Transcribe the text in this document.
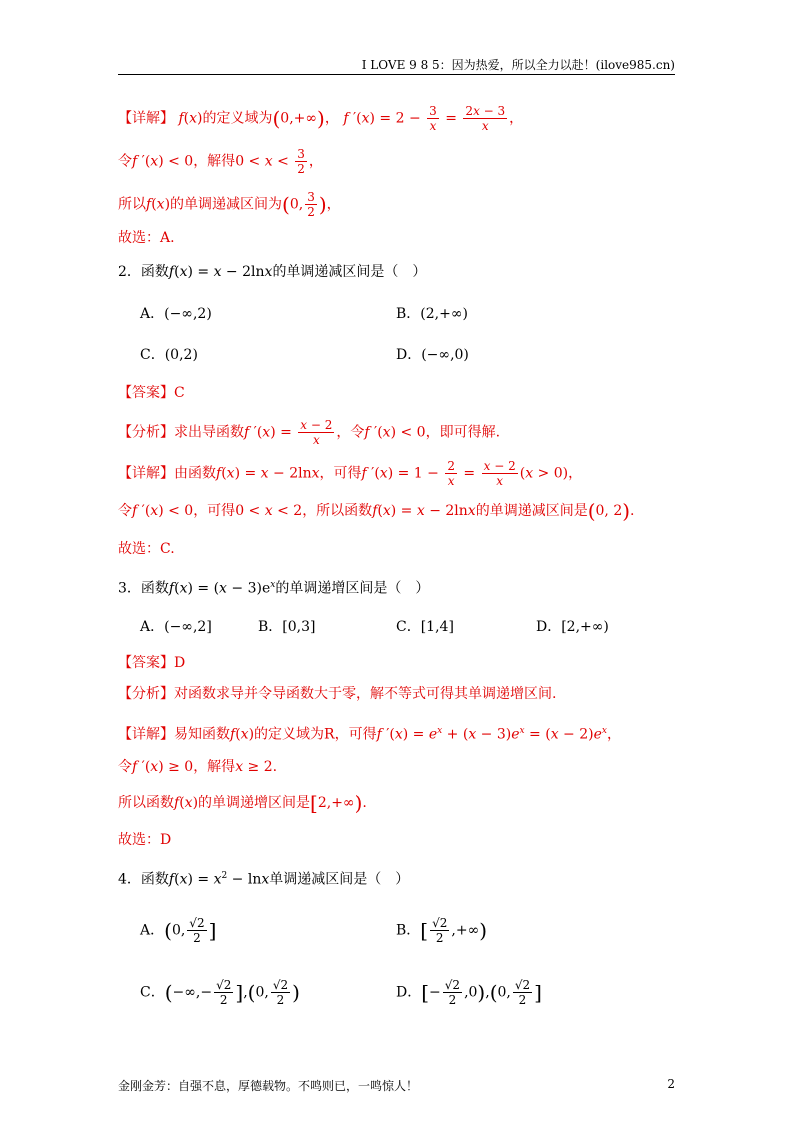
I LOVE 9 8 5：因为热爱，所以全力以赴！(ilove985.cn)
【详解】 f(x)的定义域为(0,+∞)， f $'(x) = 2 - \frac{3}{x} = \frac{2x - 3}{x}$ ，
令f ′(x) < 0，解得$0 < x < \frac{3}{2}$ ，
所以f(x)的单调递减区间为(0, $\frac{3}{2}$ )，
故选：A.
2．函数f(x) = x − 2lnx的单调递减区间是（　）
A．(−∞,2)	B．(2,+∞)
C．(0,2)	D．(−∞,0)
【答案】C
【分析】求出导函数f $'(x) = \frac{x - 2}{x}$ ，令f ′(x) < 0，即可得解.
【详解】由函数f(x) = x − 2lnx，可得f $'(x) = 1 - \frac{2}{x} = \frac{x - 2}{x} (x > 0)$，
令f ′(x) < 0，可得0 < x < 2，所以函数f(x) = x − 2lnx的单调递减区间是(0, 2).
故选：C.
3．函数$f(x) = (x - 3)e^x$的单调递增区间是（　）
A．(−∞,2]	B．[0,3]	C．[1,4]	D．[2,+∞)
【答案】D
【分析】对函数求导并令导函数大于零，解不等式可得其单调递增区间.
【详解】易知函数f(x)的定义域为R，可得f $'(x) = e^x + (x - 3)e^x = (x - 2)e^x$，
令f ′(x) ≥ 0，解得x ≥ 2.
所以函数f(x)的单调递增区间是[2,+∞).
故选：D
4．函数$f(x) = x^2 - \ln x$单调递减区间是（　）
A．(0, $\frac{√2}{2}$ ]	B．[ $\frac{√2}{2}$ ,+∞)
C．(−∞,− $\frac{√2}{2} ],(0$, $\frac{√2}{2}$ )	D．[− $\frac{√2}{2} ,0),(0$, $\frac{√2}{2}$ ]
金刚金芳：自强不息，厚德载物。不鸣则已，一鸣惊人！	2
